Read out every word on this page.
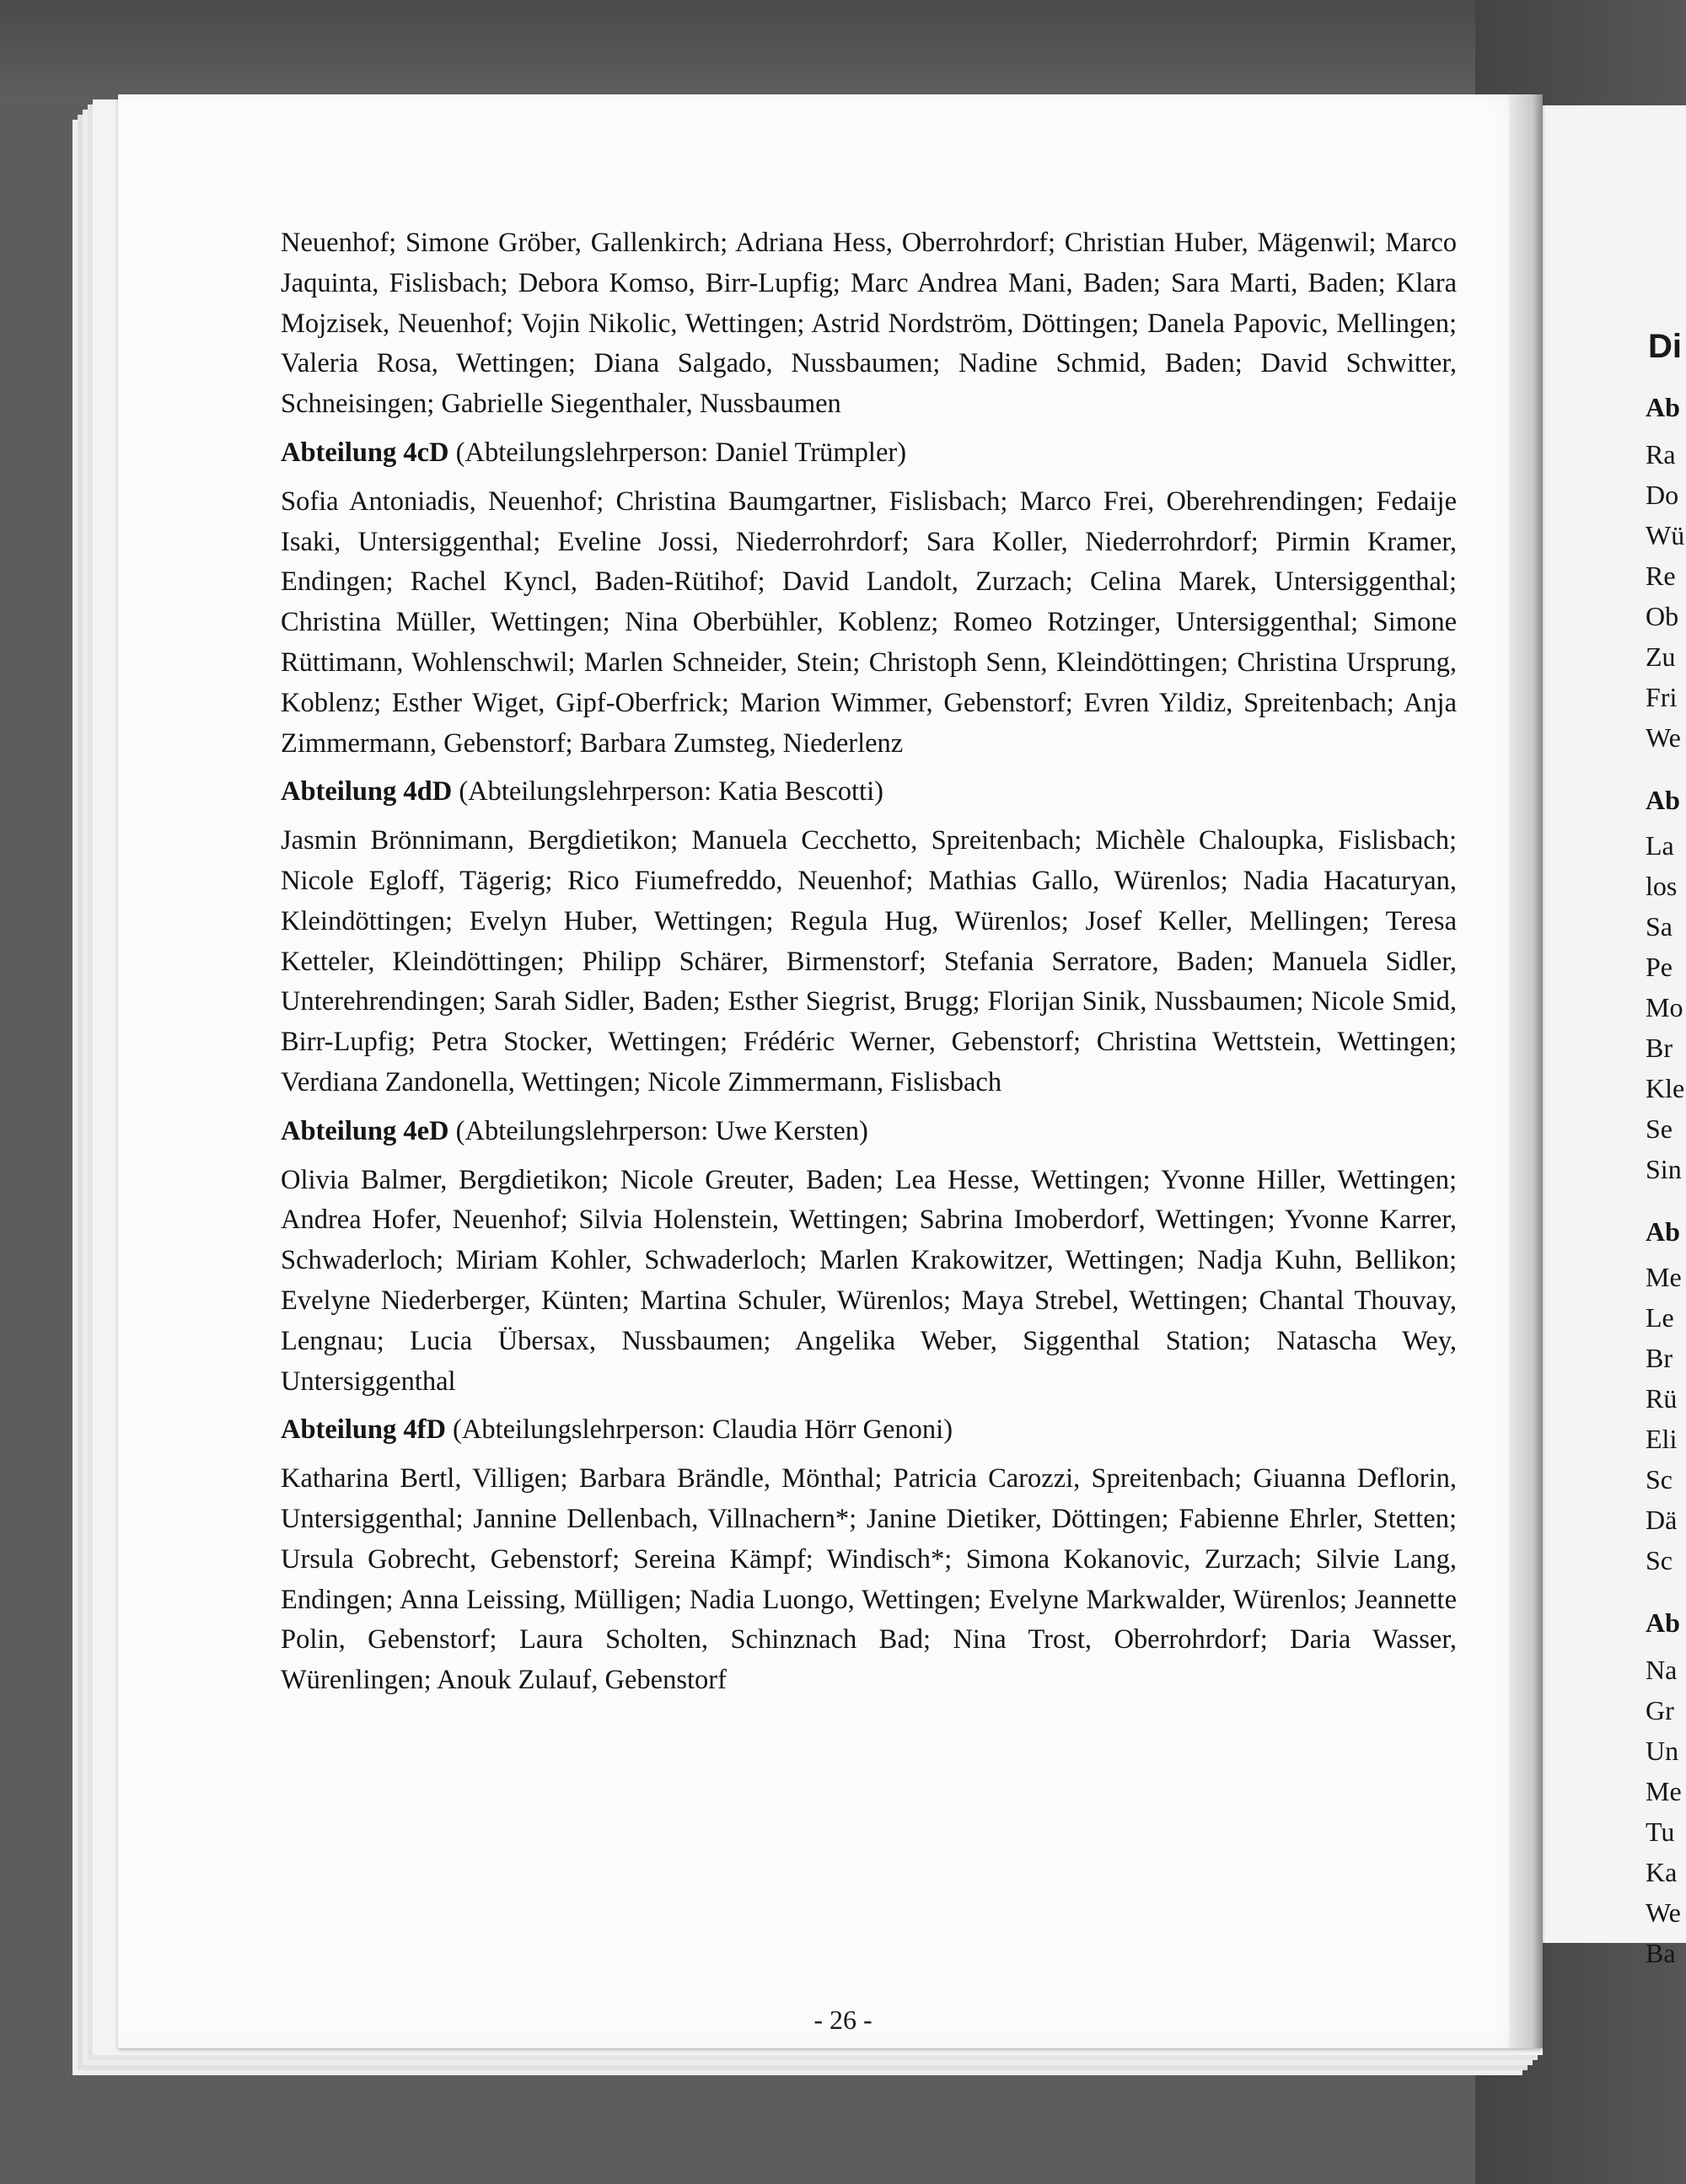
Di
Ab
Ra
Do
Wü
Re
Ob
Zu
Fri
We
Ab
La
los
Sa
Pe
Mo
Br
Kle
Se
Sin
Ab
Me
Le
Br
Rü
Eli
Sc
Dä
Sc
Ab
Na
Gr
Un
Me
Tu
Ka
We
Ba

Neuenhof; Simone Gröber, Gallenkirch; Adriana Hess, Oberrohrdorf; Christian Huber, Mägenwil; Marco Jaquinta, Fislisbach; Debora Komso, Birr-Lupfig; Marc Andrea Mani, Baden; Sara Marti, Baden; Klara Mojzisek, Neuenhof; Vojin Nikolic, Wettingen; Astrid Nordström, Döttingen; Danela Papovic, Mellingen; Valeria Rosa, Wettingen; Diana Salgado, Nussbaumen; Nadine Schmid, Baden; David Schwitter, Schneisingen; Gabrielle Siegenthaler, Nussbaumen

Abteilung 4cD (Abteilungslehrperson: Daniel Trümpler)

Sofia Antoniadis, Neuenhof; Christina Baumgartner, Fislisbach; Marco Frei, Oberehrendingen; Fedaije Isaki, Untersiggenthal; Eveline Jossi, Niederrohrdorf; Sara Koller, Niederrohrdorf; Pirmin Kramer, Endingen; Rachel Kyncl, Baden-Rütihof; David Landolt, Zurzach; Celina Marek, Untersiggenthal; Christina Müller, Wettingen; Nina Oberbühler, Koblenz; Romeo Rotzinger, Untersiggenthal; Simone Rüttimann, Wohlenschwil; Marlen Schneider, Stein; Christoph Senn, Kleindöttingen; Christina Ursprung, Koblenz; Esther Wiget, Gipf-Oberfrick; Marion Wimmer, Gebenstorf; Evren Yildiz, Spreitenbach; Anja Zimmermann, Gebenstorf; Barbara Zumsteg, Niederlenz

Abteilung 4dD (Abteilungslehrperson: Katia Bescotti)

Jasmin Brönnimann, Bergdietikon; Manuela Cecchetto, Spreitenbach; Michèle Chaloupka, Fislisbach; Nicole Egloff, Tägerig; Rico Fiumefreddo, Neuenhof; Mathias Gallo, Würenlos; Nadia Hacaturyan, Kleindöttingen; Evelyn Huber, Wettingen; Regula Hug, Würenlos; Josef Keller, Mellingen; Teresa Ketteler, Kleindöttingen; Philipp Schärer, Birmenstorf; Stefania Serratore, Baden; Manuela Sidler, Unterehrendingen; Sarah Sidler, Baden; Esther Siegrist, Brugg; Florijan Sinik, Nussbaumen; Nicole Smid, Birr-Lupfig; Petra Stocker, Wettingen; Frédéric Werner, Gebenstorf; Christina Wettstein, Wettingen; Verdiana Zandonella, Wettingen; Nicole Zimmermann, Fislisbach

Abteilung 4eD (Abteilungslehrperson: Uwe Kersten)

Olivia Balmer, Bergdietikon; Nicole Greuter, Baden; Lea Hesse, Wettingen; Yvonne Hiller, Wettingen; Andrea Hofer, Neuenhof; Silvia Holenstein, Wettingen; Sabrina Imoberdorf, Wettingen; Yvonne Karrer, Schwaderloch; Miriam Kohler, Schwaderloch; Marlen Krakowitzer, Wettingen; Nadja Kuhn, Bellikon; Evelyne Niederberger, Künten; Martina Schuler, Würenlos; Maya Strebel, Wettingen; Chantal Thouvay, Lengnau; Lucia Übersax, Nussbaumen; Angelika Weber, Siggenthal Station; Natascha Wey, Untersiggenthal

Abteilung 4fD (Abteilungslehrperson: Claudia Hörr Genoni)

Katharina Bertl, Villigen; Barbara Brändle, Mönthal; Patricia Carozzi, Spreitenbach; Giuanna Deflorin, Untersiggenthal; Jannine Dellenbach, Villnachern*; Janine Dietiker, Döttingen; Fabienne Ehrler, Stetten; Ursula Gobrecht, Gebenstorf; Sereina Kämpf; Windisch*; Simona Kokanovic, Zurzach; Silvie Lang, Endingen; Anna Leissing, Mülligen; Nadia Luongo, Wettingen; Evelyne Markwalder, Würenlos; Jeannette Polin, Gebenstorf; Laura Scholten, Schinznach Bad; Nina Trost, Oberrohrdorf; Daria Wasser, Würenlingen; Anouk Zulauf, Gebenstorf

- 26 -
